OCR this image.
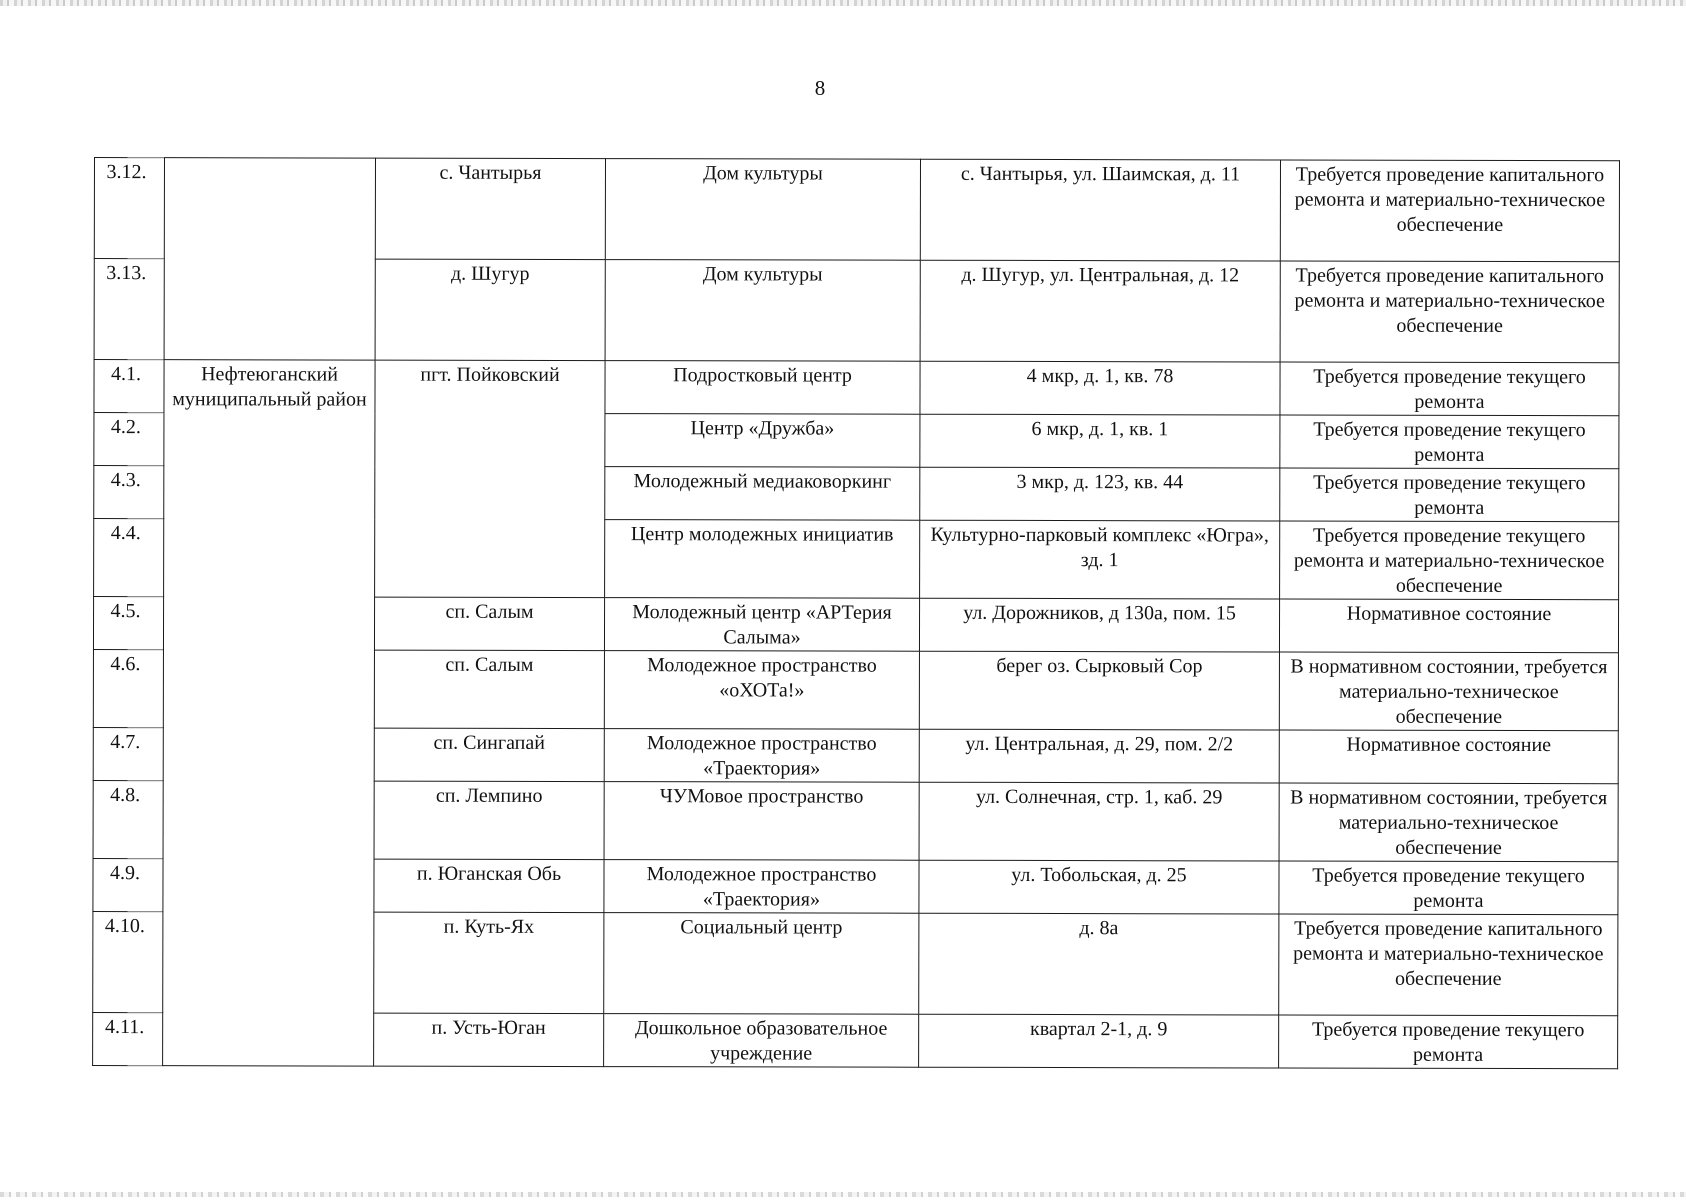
8
3.12.		с. Чантырья	Дом культуры	с. Чантырья, ул. Шаимская, д. 11	Требуется проведение капитального ремонта и материально-техническое обеспечение
3.13.		д. Шугур	Дом культуры	д. Шугур, ул. Центральная, д. 12	Требуется проведение капитального ремонта и материально-техническое обеспечение
4.1.	Нефтеюганский муниципальный район	пгт. Пойковский	Подростковый центр	4 мкр, д. 1, кв. 78	Требуется проведение текущего ремонта
4.2.			Центр «Дружба»	6 мкр, д. 1, кв. 1	Требуется проведение текущего ремонта
4.3.			Молодежный медиаковоркинг	3 мкр, д. 123, кв. 44	Требуется проведение текущего ремонта
4.4.			Центр молодежных инициатив	Культурно-парковый комплекс «Югра», зд. 1	Требуется проведение текущего ремонта и материально-техническое обеспечение
4.5.		сп. Салым	Молодежный центр «АРТерия Салыма»	ул. Дорожников, д 130а, пом. 15	Нормативное состояние
4.6.		сп. Салым	Молодежное пространство «оХОТа!»	берег оз. Сырковый Сор	В нормативном состоянии, требуется материально-техническое обеспечение
4.7.		сп. Сингапай	Молодежное пространство «Траектория»	ул. Центральная, д. 29, пом. 2/2	Нормативное состояние
4.8.		сп. Лемпино	ЧУМовое пространство	ул. Солнечная, стр. 1, каб. 29	В нормативном состоянии, требуется материально-техническое обеспечение
4.9.		п. Юганская Обь	Молодежное пространство «Траектория»	ул. Тобольская, д. 25	Требуется проведение текущего ремонта
4.10.		п. Куть-Ях	Социальный центр	д. 8а	Требуется проведение капитального ремонта и материально-техническое обеспечение
4.11.		п. Усть-Юган	Дошкольное образовательное учреждение	квартал 2-1, д. 9	Требуется проведение текущего ремонта
